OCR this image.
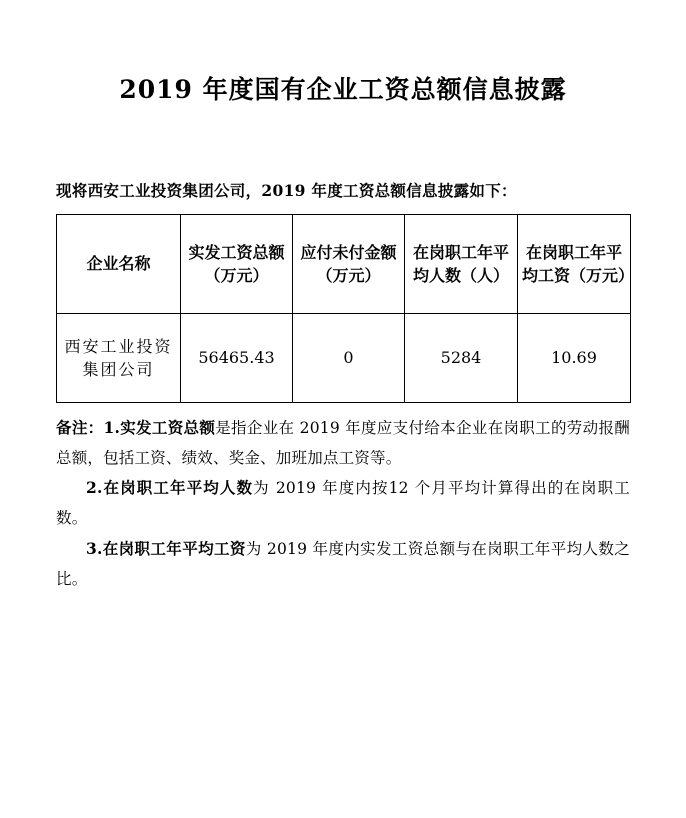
2019 年度国有企业工资总额信息披露

现将西安工业投资集团公司，2019 年度工资总额信息披露如下：

企业名称	实发工资总额（万元）	应付未付金额（万元）	在岗职工年平均人数（人）	在岗职工年平均工资（万元）
西安工业投资集团公司	56465.43	0	5284	10.69

备注：1.实发工资总额是指企业在 2019 年度应支付给本企业在岗职工的劳动报酬总额，包括工资、绩效、奖金、加班加点工资等。

2.在岗职工年平均人数为 2019 年度内按12 个月平均计算得出的在岗职工数。

3.在岗职工年平均工资为 2019 年度内实发工资总额与在岗职工年平均人数之比。
